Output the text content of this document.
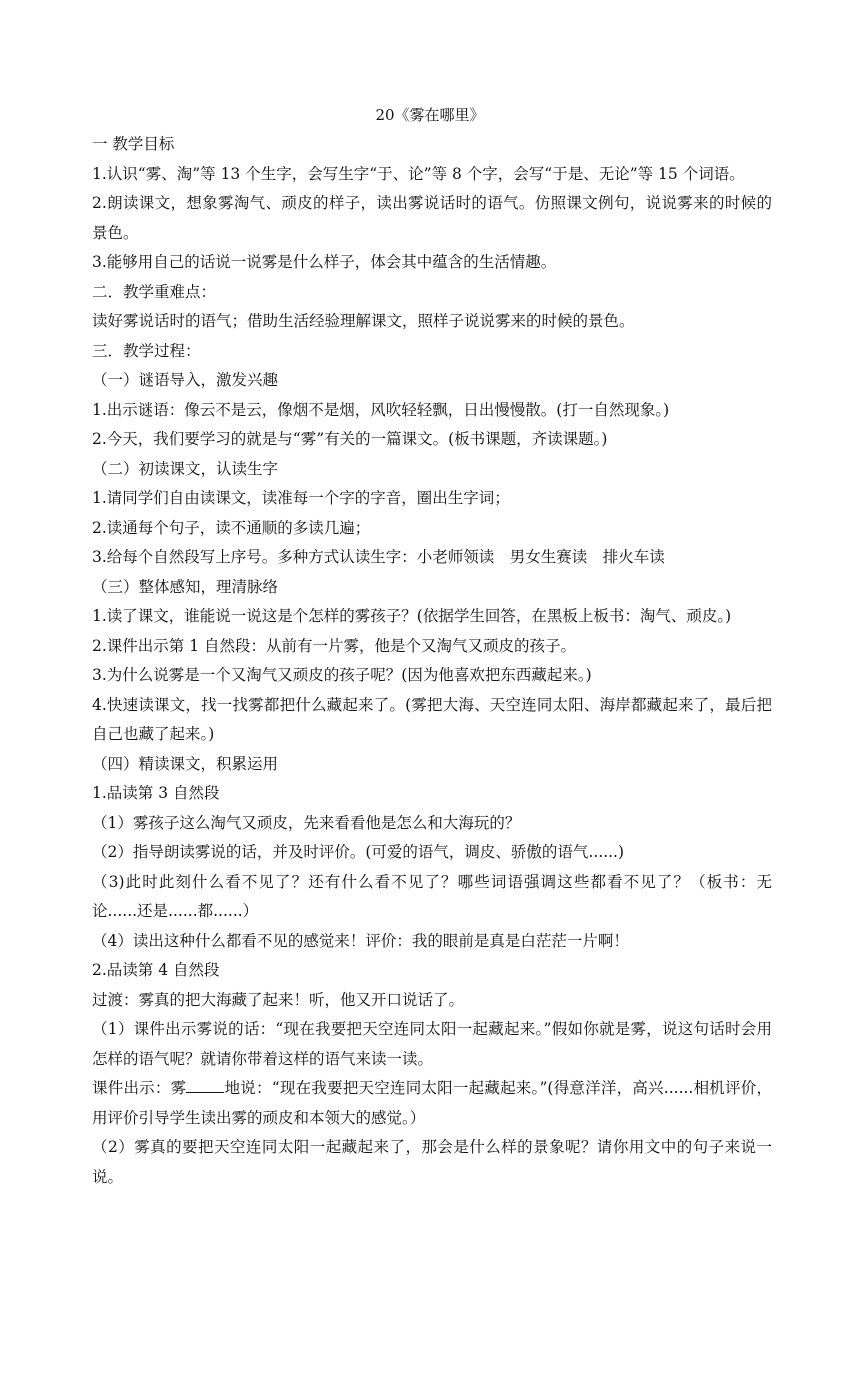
20《雾在哪里》

一 教学目标

1.认识“雾、淘”等 13 个生字，会写生字“于、论”等 8 个字，会写“于是、无论”等 15 个词语。

2.朗读课文，想象雾淘气、顽皮的样子，读出雾说话时的语气。仿照课文例句，说说雾来的时候的景色。

3.能够用自己的话说一说雾是什么样子，体会其中蕴含的生活情趣。

二．教学重难点：

读好雾说话时的语气；借助生活经验理解课文，照样子说说雾来的时候的景色。

三．教学过程：

（一）谜语导入，激发兴趣

1.出示谜语：像云不是云，像烟不是烟，风吹轻轻飘，日出慢慢散。(打一自然现象。)

2.今天，我们要学习的就是与“雾”有关的一篇课文。(板书课题，齐读课题。)

（二）初读课文，认读生字

1.请同学们自由读课文，读准每一个字的字音，圈出生字词；

2.读通每个句子，读不通顺的多读几遍；

3.给每个自然段写上序号。多种方式认读生字：小老师领读　男女生赛读　排火车读

（三）整体感知，理清脉络

1.读了课文，谁能说一说这是个怎样的雾孩子？(依据学生回答，在黑板上板书：淘气、顽皮。)

2.课件出示第 1 自然段：从前有一片雾，他是个又淘气又顽皮的孩子。

3.为什么说雾是一个又淘气又顽皮的孩子呢？(因为他喜欢把东西藏起来。)

4.快速读课文，找一找雾都把什么藏起来了。(雾把大海、天空连同太阳、海岸都藏起来了，最后把自己也藏了起来。)

（四）精读课文，积累运用

1.品读第 3 自然段

（1）雾孩子这么淘气又顽皮，先来看看他是怎么和大海玩的？

（2）指导朗读雾说的话，并及时评价。(可爱的语气，调皮、骄傲的语气......)

（3)此时此刻什么看不见了？还有什么看不见了？哪些词语强调这些都看不见了？（板书：无论......还是......都......）

（4）读出这种什么都看不见的感觉来！评价：我的眼前是真是白茫茫一片啊！

2.品读第 4 自然段

过渡：雾真的把大海藏了起来！听，他又开口说话了。

（1）课件出示雾说的话：“现在我要把天空连同太阳一起藏起来。”假如你就是雾，说这句话时会用怎样的语气呢？就请你带着这样的语气来读一读。

课件出示：雾 地说：“现在我要把天空连同太阳一起藏起来。”(得意洋洋，高兴......相机评价，用评价引导学生读出雾的顽皮和本领大的感觉。）

（2）雾真的要把天空连同太阳一起藏起来了，那会是什么样的景象呢？请你用文中的句子来说一说。
